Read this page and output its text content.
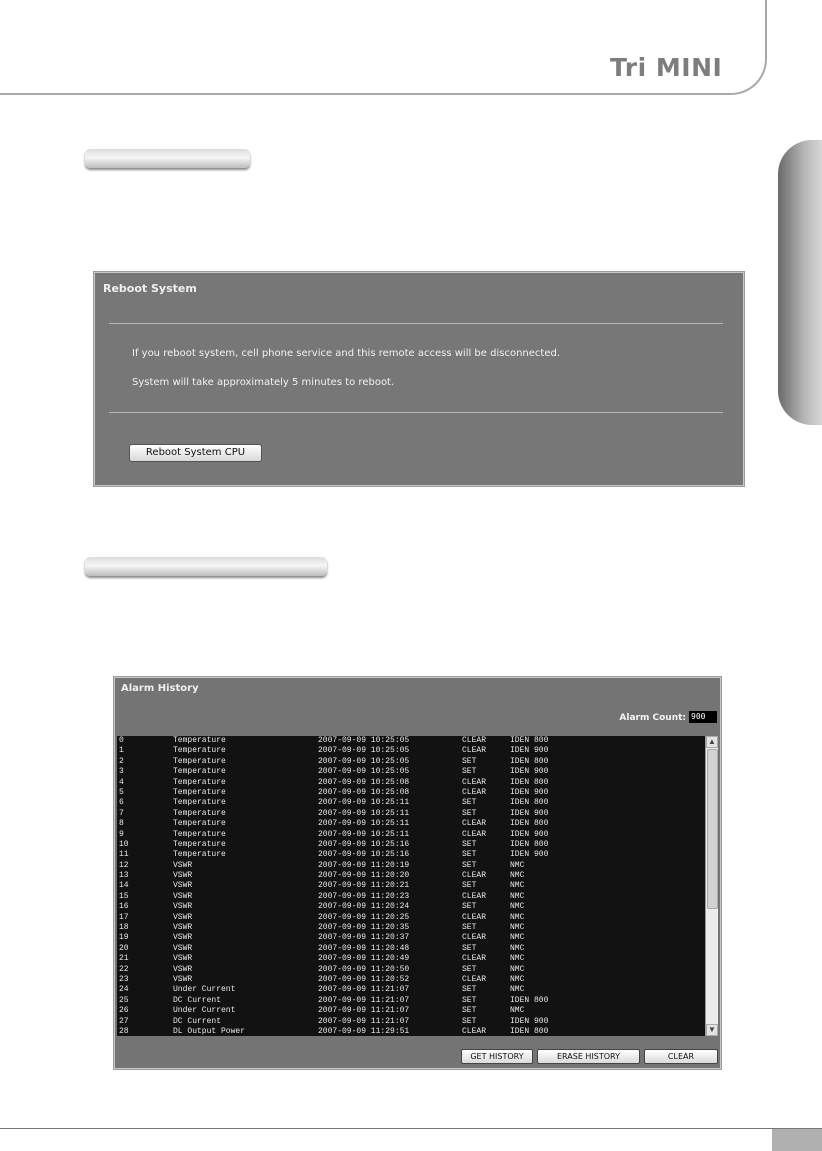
Tri MINI
Reboot System
If you reboot system, cell phone service and this remote access will be disconnected.
System will take approximately 5 minutes to reboot.
Reboot System CPU
Alarm History
Alarm Count: 900
0	Temperature	2007-09-09 10:25:05	CLEAR	IDEN 800
1	Temperature	2007-09-09 10:25:05	CLEAR	IDEN 900
2	Temperature	2007-09-09 10:25:05	SET	IDEN 800
3	Temperature	2007-09-09 10:25:05	SET	IDEN 900
4	Temperature	2007-09-09 10:25:08	CLEAR	IDEN 800
5	Temperature	2007-09-09 10:25:08	CLEAR	IDEN 900
6	Temperature	2007-09-09 10:25:11	SET	IDEN 800
7	Temperature	2007-09-09 10:25:11	SET	IDEN 900
8	Temperature	2007-09-09 10:25:11	CLEAR	IDEN 800
9	Temperature	2007-09-09 10:25:11	CLEAR	IDEN 900
10	Temperature	2007-09-09 10:25:16	SET	IDEN 800
11	Temperature	2007-09-09 10:25:16	SET	IDEN 900
12	VSWR	2007-09-09 11:20:19	SET	NMC
13	VSWR	2007-09-09 11:20:20	CLEAR	NMC
14	VSWR	2007-09-09 11:20:21	SET	NMC
15	VSWR	2007-09-09 11:20:23	CLEAR	NMC
16	VSWR	2007-09-09 11:20:24	SET	NMC
17	VSWR	2007-09-09 11:20:25	CLEAR	NMC
18	VSWR	2007-09-09 11:20:35	SET	NMC
19	VSWR	2007-09-09 11:20:37	CLEAR	NMC
20	VSWR	2007-09-09 11:20:48	SET	NMC
21	VSWR	2007-09-09 11:20:49	CLEAR	NMC
22	VSWR	2007-09-09 11:20:50	SET	NMC
23	VSWR	2007-09-09 11:20:52	CLEAR	NMC
24	Under Current	2007-09-09 11:21:07	SET	NMC
25	DC Current	2007-09-09 11:21:07	SET	IDEN 800
26	Under Current	2007-09-09 11:21:07	SET	NMC
27	DC Current	2007-09-09 11:21:07	SET	IDEN 900
28	DL Output Power	2007-09-09 11:29:51	CLEAR	IDEN 800
▲
▼
GET HISTORY	ERASE HISTORY	CLEAR
